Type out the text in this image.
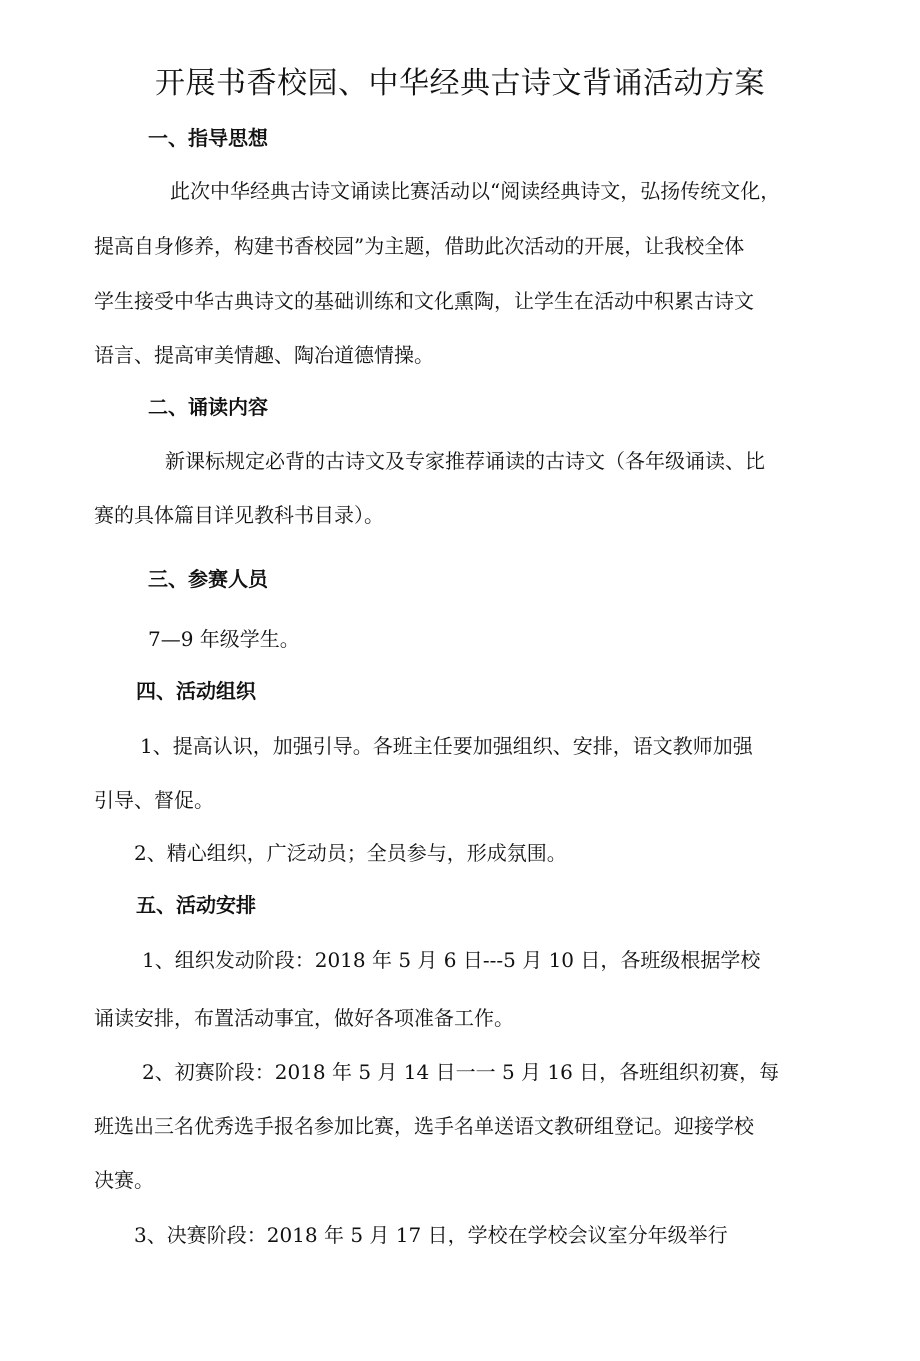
开展书香校园、中华经典古诗文背诵活动方案
一、指导思想
此次中华经典古诗文诵读比赛活动以“阅读经典诗文，弘扬传统文化，
提高自身修养，构建书香校园”为主题，借助此次活动的开展，让我校全体
学生接受中华古典诗文的基础训练和文化熏陶，让学生在活动中积累古诗文
语言、提高审美情趣、陶冶道德情操。
二、诵读内容
新课标规定必背的古诗文及专家推荐诵读的古诗文（各年级诵读、比
赛的具体篇目详见教科书目录）。
三、参赛人员
7—9 年级学生。
四、活动组织
1、提高认识，加强引导。各班主任要加强组织、安排，语文教师加强
引导、督促。
2、精心组织，广泛动员；全员参与，形成氛围。
五、活动安排
1、组织发动阶段：2018 年 5 月 6 日---5 月 10 日，各班级根据学校
诵读安排，布置活动事宜，做好各项准备工作。
2、初赛阶段：2018 年 5 月 14 日一一 5 月 16 日，各班组织初赛，每
班选出三名优秀选手报名参加比赛，选手名单送语文教研组登记。迎接学校
决赛。
3、决赛阶段：2018 年 5 月 17 日，学校在学校会议室分年级举行
